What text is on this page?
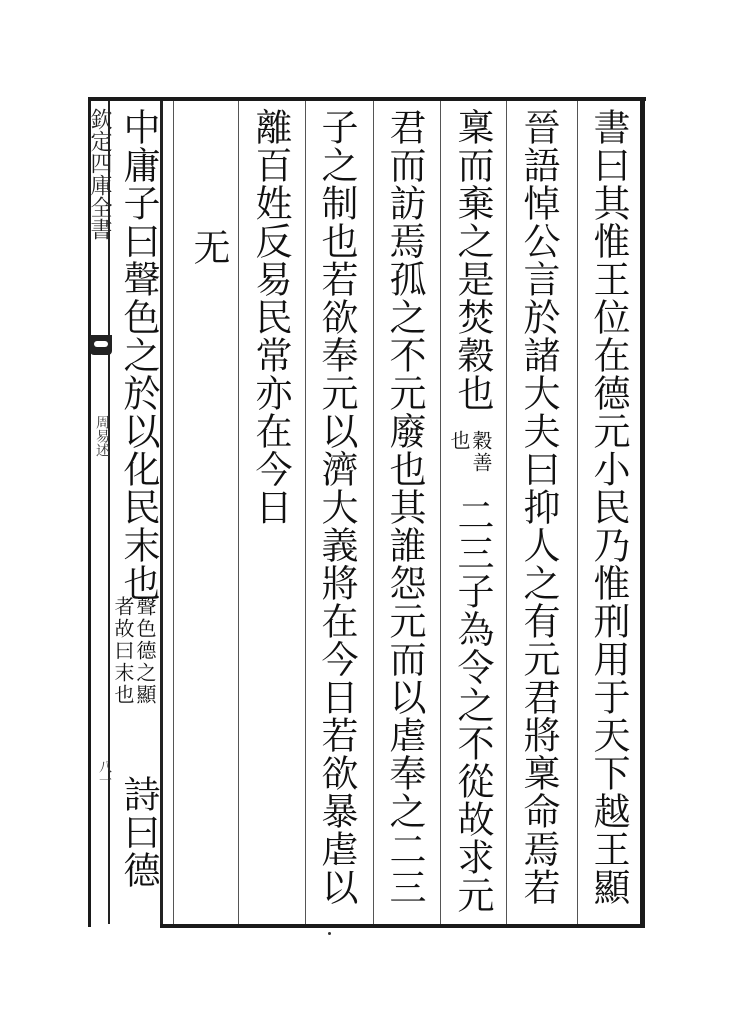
欽定四庫全書
周易述
八一	書曰其惟王位在德元小民乃惟刑用于天下越王顯
晉語悼公言於諸大夫曰抑人之有元君將稟命焉若
稟而棄之是焚穀也
穀善
也
二三子為令之不從故求元
君而訪焉孤之不元廢也其誰怨元而以虐奉之二三
子之制也若欲奉元以濟大義將在今日若欲暴虐以
離百姓反易民常亦在今日
无
中庸子曰聲色之於以化民末也
聲色德之顯
者故曰末也
詩曰德
